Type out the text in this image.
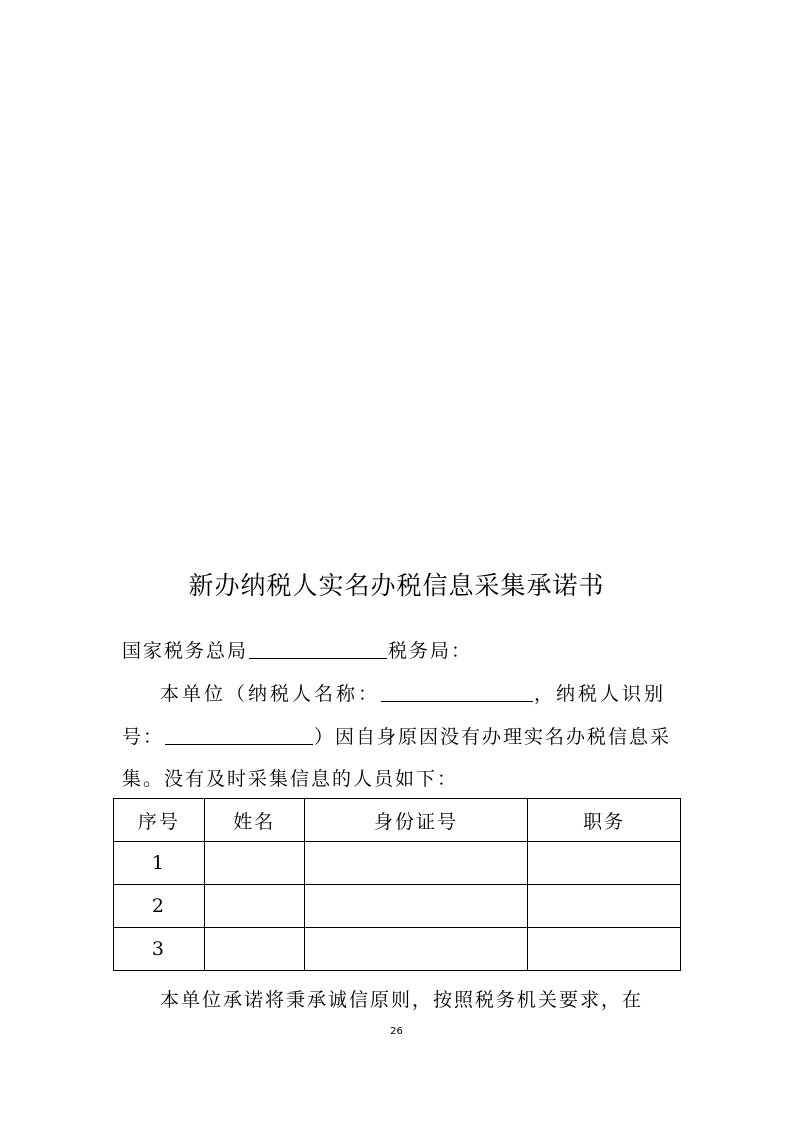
新办纳税人实名办税信息采集承诺书
国家税务总局	税务局：
本单位（纳税人名称：	，纳税人识别
号：	）因自身原因没有办理实名办税信息采
集。没有及时采集信息的人员如下：
序号	姓名	身份证号	职务
1			
2			
3			
本单位承诺将秉承诚信原则，按照税务机关要求，在
26
